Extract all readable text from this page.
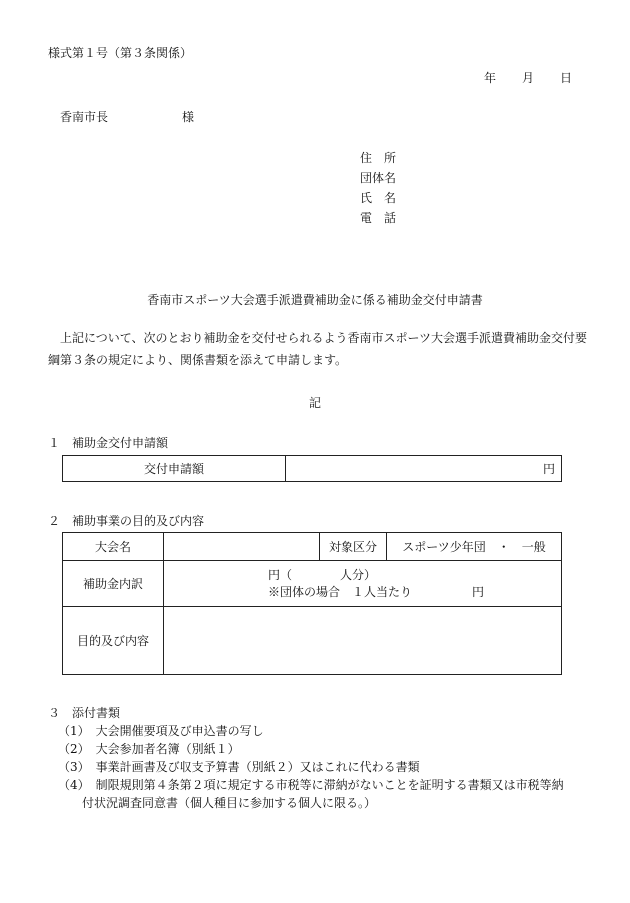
様式第１号（第３条関係）
年 月 日
香南市長	様
住　所
団体名
氏　名
電　話
香南市スポーツ大会選手派遣費補助金に係る補助金交付申請書
上記について、次のとおり補助金を交付せられるよう香南市スポーツ大会選手派遣費補助金交付要綱第３条の規定により、関係書類を添えて申請します。
記
１　補助金交付申請額
交付申請額	円
２　補助事業の目的及び内容
大会名		対象区分	スポーツ少年団　・　一般
補助金内訳	円（　　　　人分）
※団体の場合　１人当たり　　　　　円		

目的及び内容			
３　添付書類
（1）　大会開催要項及び申込書の写し
（2）　大会参加者名簿（別紙１）
（3）　事業計画書及び収支予算書（別紙２）又はこれに代わる書類
（4）　制限規則第４条第２項に規定する市税等に滞納がないことを証明する書類又は市税等納
付状況調査同意書（個人種目に参加する個人に限る。）
